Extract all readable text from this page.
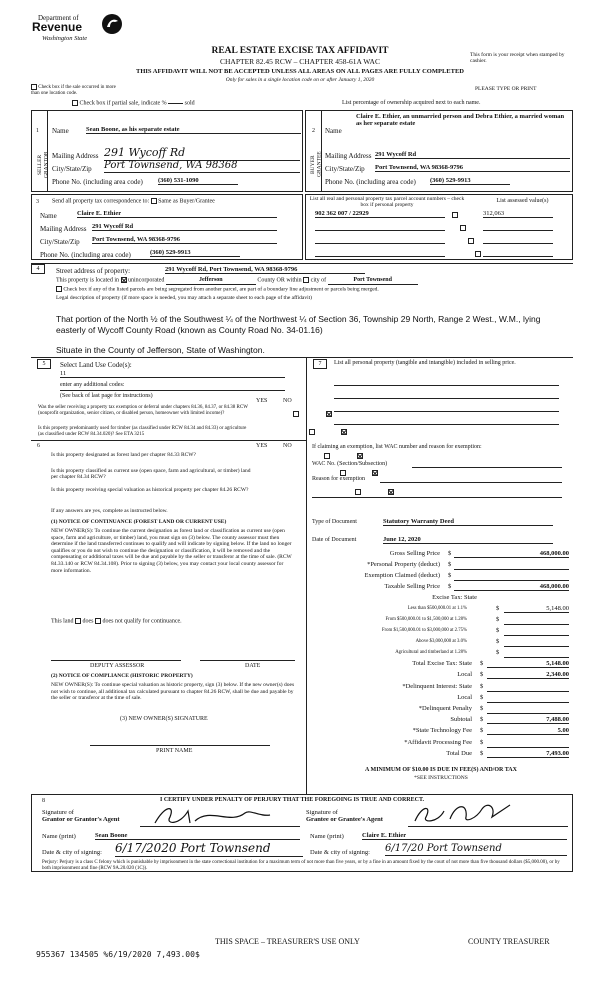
Department of
Revenue
Washington State
REAL ESTATE EXCISE TAX AFFIDAVIT
CHAPTER 82.45 RCW – CHAPTER 458-61A WAC
THIS AFFIDAVIT WILL NOT BE ACCEPTED UNLESS ALL AREAS ON ALL PAGES ARE FULLY COMPLETED
Only for sales in a single location code on or after January 1, 2020
This form is your receipt when stamped by cashier.
PLEASE TYPE OR PRINT
Check box if the sale occurred in more than one location code.
Check box if partial sale, indicate %	sold	List percentage of ownership acquired next to each name.
1
SELLER GRANTOR
Name	Sean Boone, as his separate estate
Mailing Address 291 Wycoff Rd
City/State/Zip Port Townsend, WA 98368
Phone No. (including area code) (360) 531-1090
2
BUYER GRANTEE
Name
Claire E. Ethier, an unmarried person and Debra Ethier, a married woman as her separate estate
Mailing Address 291 Wycoff Rd
City/State/Zip Port Townsend, WA 98368-9796
Phone No. (including area code) (360) 529-9913
3 Send all property tax correspondence to: Same as Buyer/Grantee
Name	Claire E. Ethier
Mailing Address 291 Wycoff Rd
City/State/Zip Port Townsend, WA 98368-9796
Phone No. (including area code)	(360) 529-9913
List all real and personal property tax parcel account numbers – check box if personal property
List assessed value(s)
902 362 007 / 22929
	312,063

4	Street address of property:	291 Wycoff Rd, Port Townsend, WA 98368-9796
This property is located in unincorporated	Jefferson	County OR within city of	Port Townsend
Check box if any of the listed parcels are being segregated from another parcel, are part of a boundary line adjustment or parcels being merged.
Legal description of property (if more space is needed, you may attach a separate sheet to each page of the affidavit)
That portion of the North ½ of the Southwest ¼ of the Northwest ¼ of Section 36, Township 29 North, Range 2 West., W.M., lying easterly of Wycoff County Road (known as County Road No. 34-01.16)
Situate in the County of Jefferson, State of Washington.
5	Select Land Use Code(s):
11
enter any additional codes:
(See back of last page for instructions)
YES	NO
Was the seller receiving a property tax exemption or deferral under chapters 84.36, 84.37, or 84.38 RCW (nonprofit organization, senior citizen, or disabled person, homeowner with limited income)?

Is this property predominantly used for timber (as classified under RCW 84.34 and 84.33) or agriculture (as classified under RCW 84.34.020)? See ETA 3215

6	YES	NO
Is this property designated as forest land per chapter 84.33 RCW?

Is this property classified as current use (open space, farm and agricultural, or timber) land per chapter 84.34 RCW?

Is this property receiving special valuation as historical property per chapter 84.26 RCW?

If any answers are yes, complete as instructed below.
(1) NOTICE OF CONTINUANCE (FOREST LAND OR CURRENT USE)
NEW OWNER(S): To continue the current designation as forest land or classification as current use (open space, farm and agriculture, or timber) land, you must sign on (3) below. The county assessor must then determine if the land transferred continues to qualify and will indicate by signing below. If the land no longer qualifies or you do not wish to continue the designation or classification, it will be removed and the compensating or additional taxes will be due and payable by the seller or transferor at the time of sale. (RCW 84.33.140 or RCW 84.34.108). Prior to signing (3) below, you may contact your local county assessor for more information.
This land does does not qualify for continuance.
DEPUTY ASSESSOR	DATE
(2) NOTICE OF COMPLIANCE (HISTORIC PROPERTY)
NEW OWNER(S): To continue special valuation as historic property, sign (3) below. If the new owner(s) does not wish to continue, all additional tax calculated pursuant to chapter 84.26 RCW, shall be due and payable by the seller or transferor at the time of sale.
(3) NEW OWNER(S) SIGNATURE
PRINT NAME
7	List all personal property (tangible and intangible) included in selling price.
If claiming an exemption, list WAC number and reason for exemption:
WAC No. (Section/Subsection)
Reason for exemption
Type of Document	Statutory Warranty Deed
Date of Document	June 12, 2020
Gross Selling Price $	468,000.00
*Personal Property (deduct) $
Exemption Claimed (deduct) $
Taxable Selling Price $	468,000.00
Excise Tax: State
Less than $500,000.01 at 1.1%	$	5,148.00
From $500,000.01 to $1,500,000 at 1.28%	$
From $1,500,000.01 to $3,000,000 at 2.75%	$
Above $3,000,000 at 3.0%	$
Agricultural and timberland at 1.28%	$
Total Excise Tax: State $	5,148.00
Local $	2,340.00
*Delinquent Interest: State $
Local $
*Delinquent Penalty $
Subtotal $	7,488.00
*State Technology Fee $	5.00
*Affidavit Processing Fee $
Total Due $	7,493.00
A MINIMUM OF $10.00 IS DUE IN FEE(S) AND/OR TAX
*SEE INSTRUCTIONS
8	I CERTIFY UNDER PENALTY OF PERJURY THAT THE FOREGOING IS TRUE AND CORRECT.
Signature of
Grantor or Grantor's Agent
Signature of
Grantee or Grantee's Agent
Name (print)	Sean Boone	Name (print)	Claire E. Ethier
Date & city of signing: 6/17/2020 Port Townsend	Date & city of signing: 6/17/20 Port Townsend
Perjury: Perjury is a class C felony which is punishable by imprisonment in the state correctional institution for a maximum term of not more than five years, or by a fine in an amount fixed by the court of not more than five thousand dollars ($5,000.00), or by both imprisonment and fine (RCW 9A.20.020 (1C)).
955367 134505 %6/19/2020 7,493.00$
THIS SPACE – TREASURER'S USE ONLY	COUNTY TREASURER
